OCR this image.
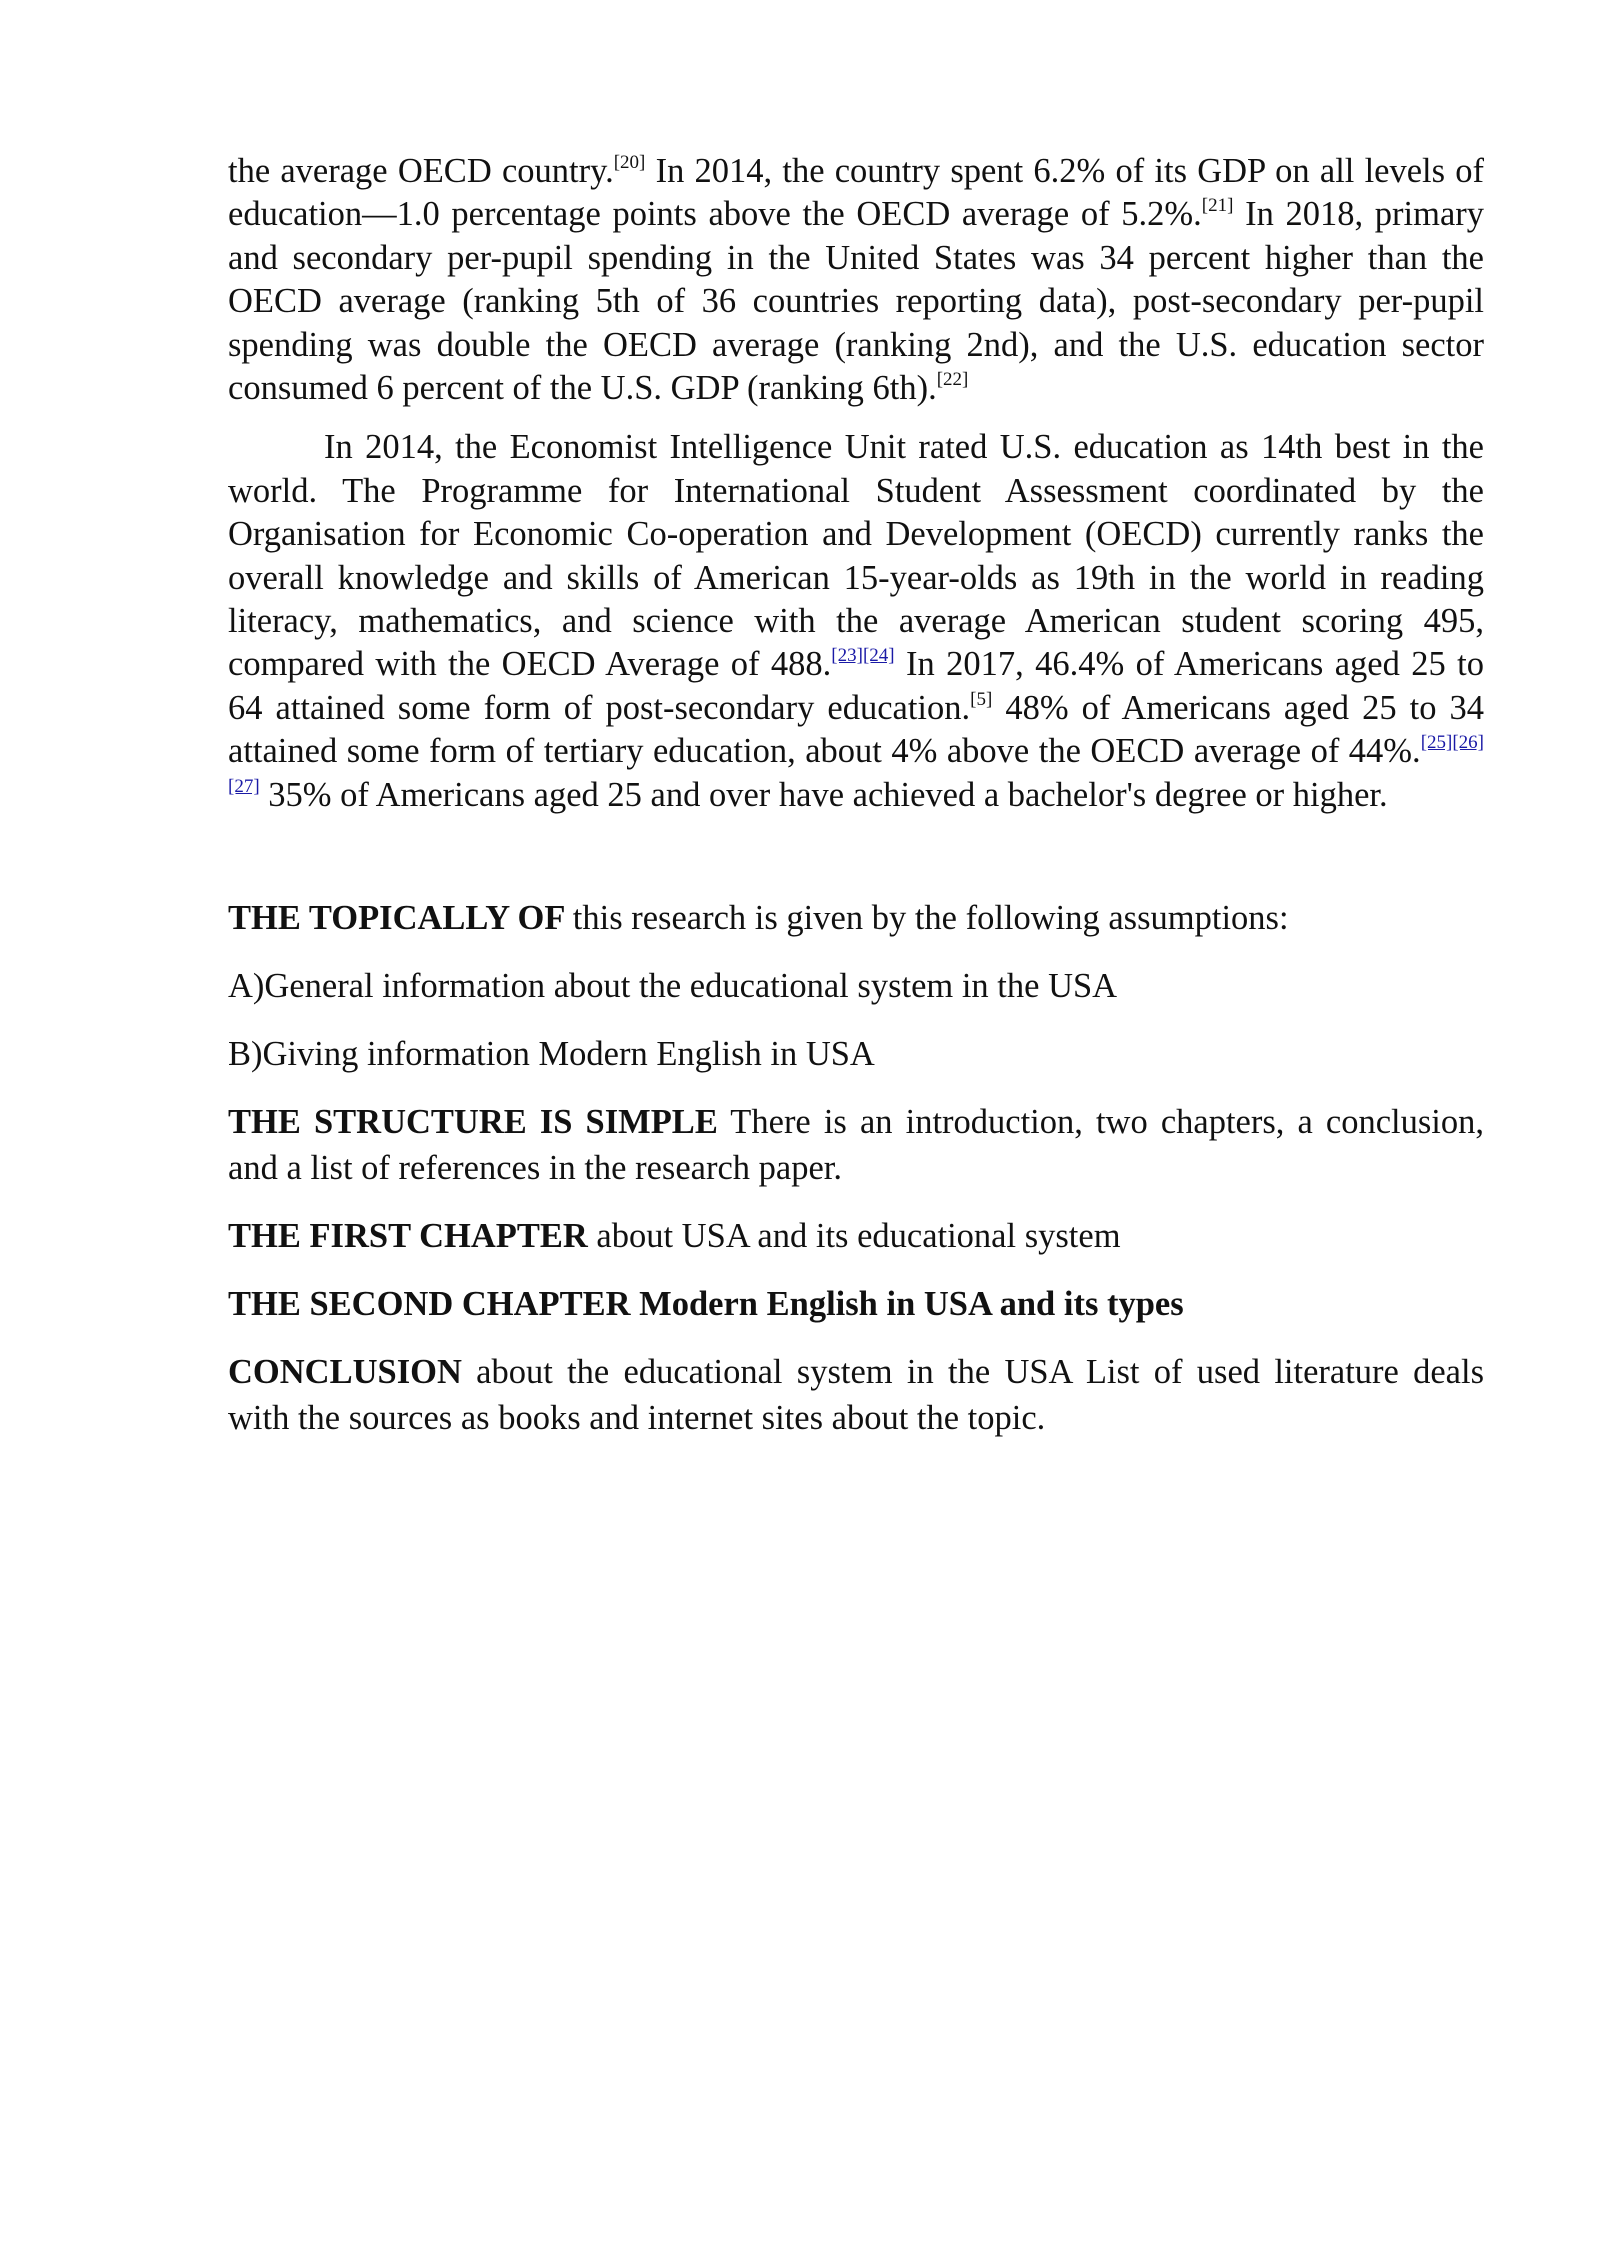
the average OECD country.[20] In 2014, the country spent 6.2% of its GDP on all levels of education—1.0 percentage points above the OECD average of 5.2%.[21] In 2018, primary and secondary per-pupil spending in the United States was 34 percent higher than the OECD average (ranking 5th of 36 countries reporting data), post-secondary per-pupil spending was double the OECD average (ranking 2nd), and the U.S. education sector consumed 6 percent of the U.S. GDP (ranking 6th).[22]

In 2014, the Economist Intelligence Unit rated U.S. education as 14th best in the world. The Programme for International Student Assessment coordinated by the Organisation for Economic Co-operation and Development (OECD) currently ranks the overall knowledge and skills of American 15-year-olds as 19th in the world in reading literacy, mathematics, and science with the average American student scoring 495, compared with the OECD Average of 488.[23][24] In 2017, 46.4% of Americans aged 25 to 64 attained some form of post-secondary education.[5] 48% of Americans aged 25 to 34 attained some form of tertiary education, about 4% above the OECD average of 44%.[25][26][27] 35% of Americans aged 25 and over have achieved a bachelor's degree or higher.

THE TOPICALLY OF this research is given by the following assumptions:

A)General information about the educational system in the USA

B)Giving information Modern English in USA

THE STRUCTURE IS SIMPLE There is an introduction, two chapters, a conclusion, and a list of references in the research paper.

THE FIRST CHAPTER about USA and its educational system

THE SECOND CHAPTER Modern English in USA and its types

CONCLUSION about the educational system in the USA List of used literature deals with the sources as books and internet sites about the topic.
